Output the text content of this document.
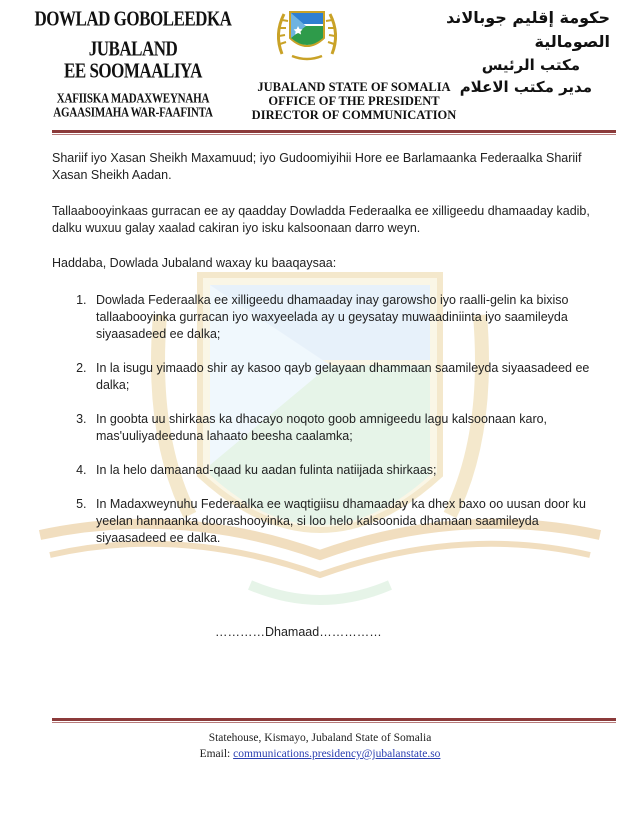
DOWLAD GOBOLEEDKA JUBALAND
EE SOOMAALIYA
XAFIISKA MADAXWEYNAHA
AGAASIMAHA WAR-FAAFINTA
حكومة إقليم جوبالاند الصومالية
مكتب الرئيس
مدير مكتب الاعلام
JUBALAND STATE OF SOMALIA
OFFICE OF THE PRESIDENT
DIRECTOR OF COMMUNICATION

Shariif iyo Xasan Sheikh Maxamuud; iyo Gudoomiyihii Hore ee Barlamaanka Federaalka Shariif Xasan Sheikh Aadan.

Tallaabooyinkaas gurracan ee ay qaadday Dowladda Federaalka ee xilligeedu dhamaaday kadib, dalku wuxuu galay xaalad cakiran iyo isku kalsoonaan darro weyn.

Haddaba, Dowlada Jubaland waxay ku baaqaysaa:

1. Dowlada Federaalka ee xilligeedu dhamaaday inay garowsho iyo raalli-gelin ka bixiso tallaabooyinka gurracan iyo waxyeelada ay u geysatay muwaadiniinta iyo saamileyda siyaasadeed ee dalka;
2. In la isugu yimaado shir ay kasoo qayb gelayaan dhammaan saamileyda siyaasadeed ee dalka;
3. In goobta uu shirkaas ka dhacayo noqoto goob amnigeedu lagu kalsoonaan karo, mas'uuliyadeeduna lahaato beesha caalamka;
4. In la helo damaanad-qaad ku aadan fulinta natiijada shirkaas;
5. In Madaxweynuhu Federaalka ee waqtigiisu dhamaaday ka dhex baxo oo uusan door ku yeelan hannaanka doorashooyinka, si loo helo kalsoonida dhamaan saamileyda siyaasadeed ee dalka.
…………Dhamaad……………
Statehouse, Kismayo, Jubaland State of Somalia
Email: communications.presidency@jubalanstate.so
